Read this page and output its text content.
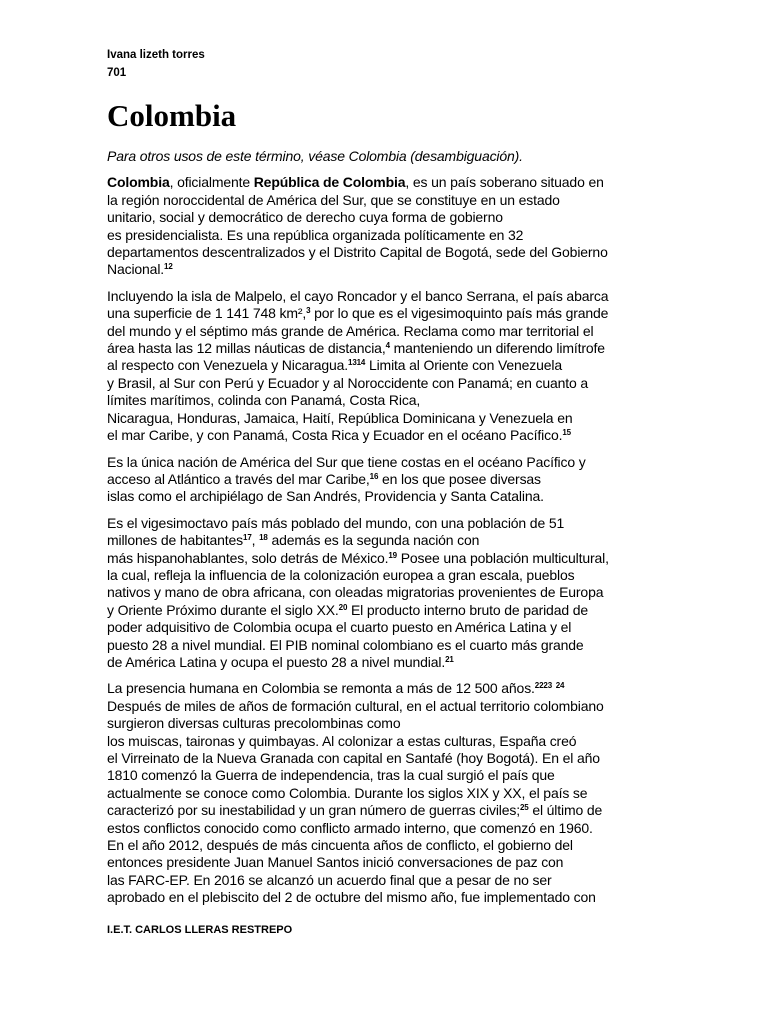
Ivana lizeth torres
701
Colombia

Para otros usos de este término, véase Colombia (desambiguación).

Colombia, oficialmente República de Colombia, es un país soberano situado en
la región noroccidental de América del Sur, que se constituye en un estado
unitario, social y democrático de derecho cuya forma de gobierno
es presidencialista. Es una república organizada políticamente en 32
departamentos descentralizados y el Distrito Capital de Bogotá, sede del Gobierno
Nacional.$^{12}$

Incluyendo la isla de Malpelo, el cayo Roncador y el banco Serrana, el país abarca
una superficie de 1 141 748 km²,$^3$ por lo que es el vigesimoquinto país más grande
del mundo y el séptimo más grande de América. Reclama como mar territorial el
área hasta las 12 millas náuticas de distancia,$^4$ manteniendo un diferendo limítrofe
al respecto con Venezuela y Nicaragua.$^{1314}$ Limita al Oriente con Venezuela
y Brasil, al Sur con Perú y Ecuador y al Noroccidente con Panamá; en cuanto a
límites marítimos, colinda con Panamá, Costa Rica,
Nicaragua, Honduras, Jamaica, Haití, República Dominicana y Venezuela en
el mar Caribe, y con Panamá, Costa Rica y Ecuador en el océano Pacífico.$^{15}$

Es la única nación de América del Sur que tiene costas en el océano Pacífico y
acceso al Atlántico a través del mar Caribe,$^{16}$ en los que posee diversas
islas como el archipiélago de San Andrés, Providencia y Santa Catalina.

Es el vigesimoctavo país más poblado del mundo, con una población de 51
millones de habitantes$^{17}$, $^{18}$ además es la segunda nación con
más hispanohablantes, solo detrás de México.$^{19}$ Posee una población multicultural,
la cual, refleja la influencia de la colonización europea a gran escala, pueblos
nativos y mano de obra africana, con oleadas migratorias provenientes de Europa
y Oriente Próximo durante el siglo XX.$^{20}$ El producto interno bruto de paridad de
poder adquisitivo de Colombia ocupa el cuarto puesto en América Latina y el
puesto 28 a nivel mundial. El PIB nominal colombiano es el cuarto más grande
de América Latina y ocupa el puesto 28 a nivel mundial.$^{21}$

La presencia humana en Colombia se remonta a más de 12 500 años.$^{2223}$ $^{24}$
Después de miles de años de formación cultural, en el actual territorio colombiano
surgieron diversas culturas precolombinas como
los muiscas, taironas y quimbayas. Al colonizar a estas culturas, España creó
el Virreinato de la Nueva Granada con capital en Santafé (hoy Bogotá). En el año
1810 comenzó la Guerra de independencia, tras la cual surgió el país que
actualmente se conoce como Colombia. Durante los siglos XIX y XX, el país se
caracterizó por su inestabilidad y un gran número de guerras civiles;$^{25}$ el último de
estos conflictos conocido como conflicto armado interno, que comenzó en 1960.
En el año 2012, después de más cincuenta años de conflicto, el gobierno del
entonces presidente Juan Manuel Santos inició conversaciones de paz con
las FARC-EP. En 2016 se alcanzó un acuerdo final que a pesar de no ser
aprobado en el plebiscito del 2 de octubre del mismo año, fue implementado con

I.E.T. CARLOS LLERAS RESTREPO
